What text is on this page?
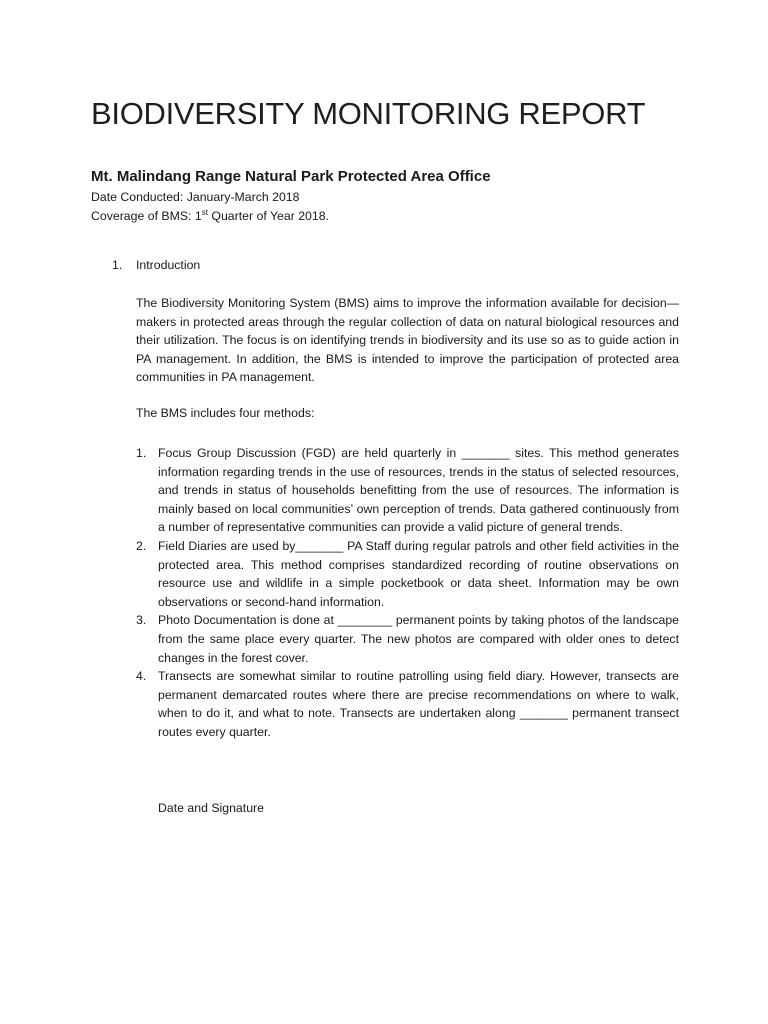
BIODIVERSITY MONITORING REPORT
Mt. Malindang Range Natural Park Protected Area Office
Date Conducted: January-March 2018
Coverage of BMS: 1st Quarter of Year 2018.
1. Introduction
The Biodiversity Monitoring System (BMS) aims to improve the information available for decision—makers in protected areas through the regular collection of data on natural biological resources and their utilization. The focus is on identifying trends in biodiversity and its use so as to guide action in PA management. In addition, the BMS is intended to improve the participation of protected area communities in PA management.
The BMS includes four methods:
1. Focus Group Discussion (FGD) are held quarterly in _______ sites. This method generates information regarding trends in the use of resources, trends in the status of selected resources, and trends in status of households benefitting from the use of resources. The information is mainly based on local communities’ own perception of trends. Data gathered continuously from a number of representative communities can provide a valid picture of general trends.
2. Field Diaries are used by_______ PA Staff during regular patrols and other field activities in the protected area. This method comprises standardized recording of routine observations on resource use and wildlife in a simple pocketbook or data sheet. Information may be own observations or second-hand information.
3. Photo Documentation is done at ________ permanent points by taking photos of the landscape from the same place every quarter. The new photos are compared with older ones to detect changes in the forest cover.
4. Transects are somewhat similar to routine patrolling using field diary. However, transects are permanent demarcated routes where there are precise recommendations on where to walk, when to do it, and what to note. Transects are undertaken along _______ permanent transect routes every quarter.
Date and Signature
